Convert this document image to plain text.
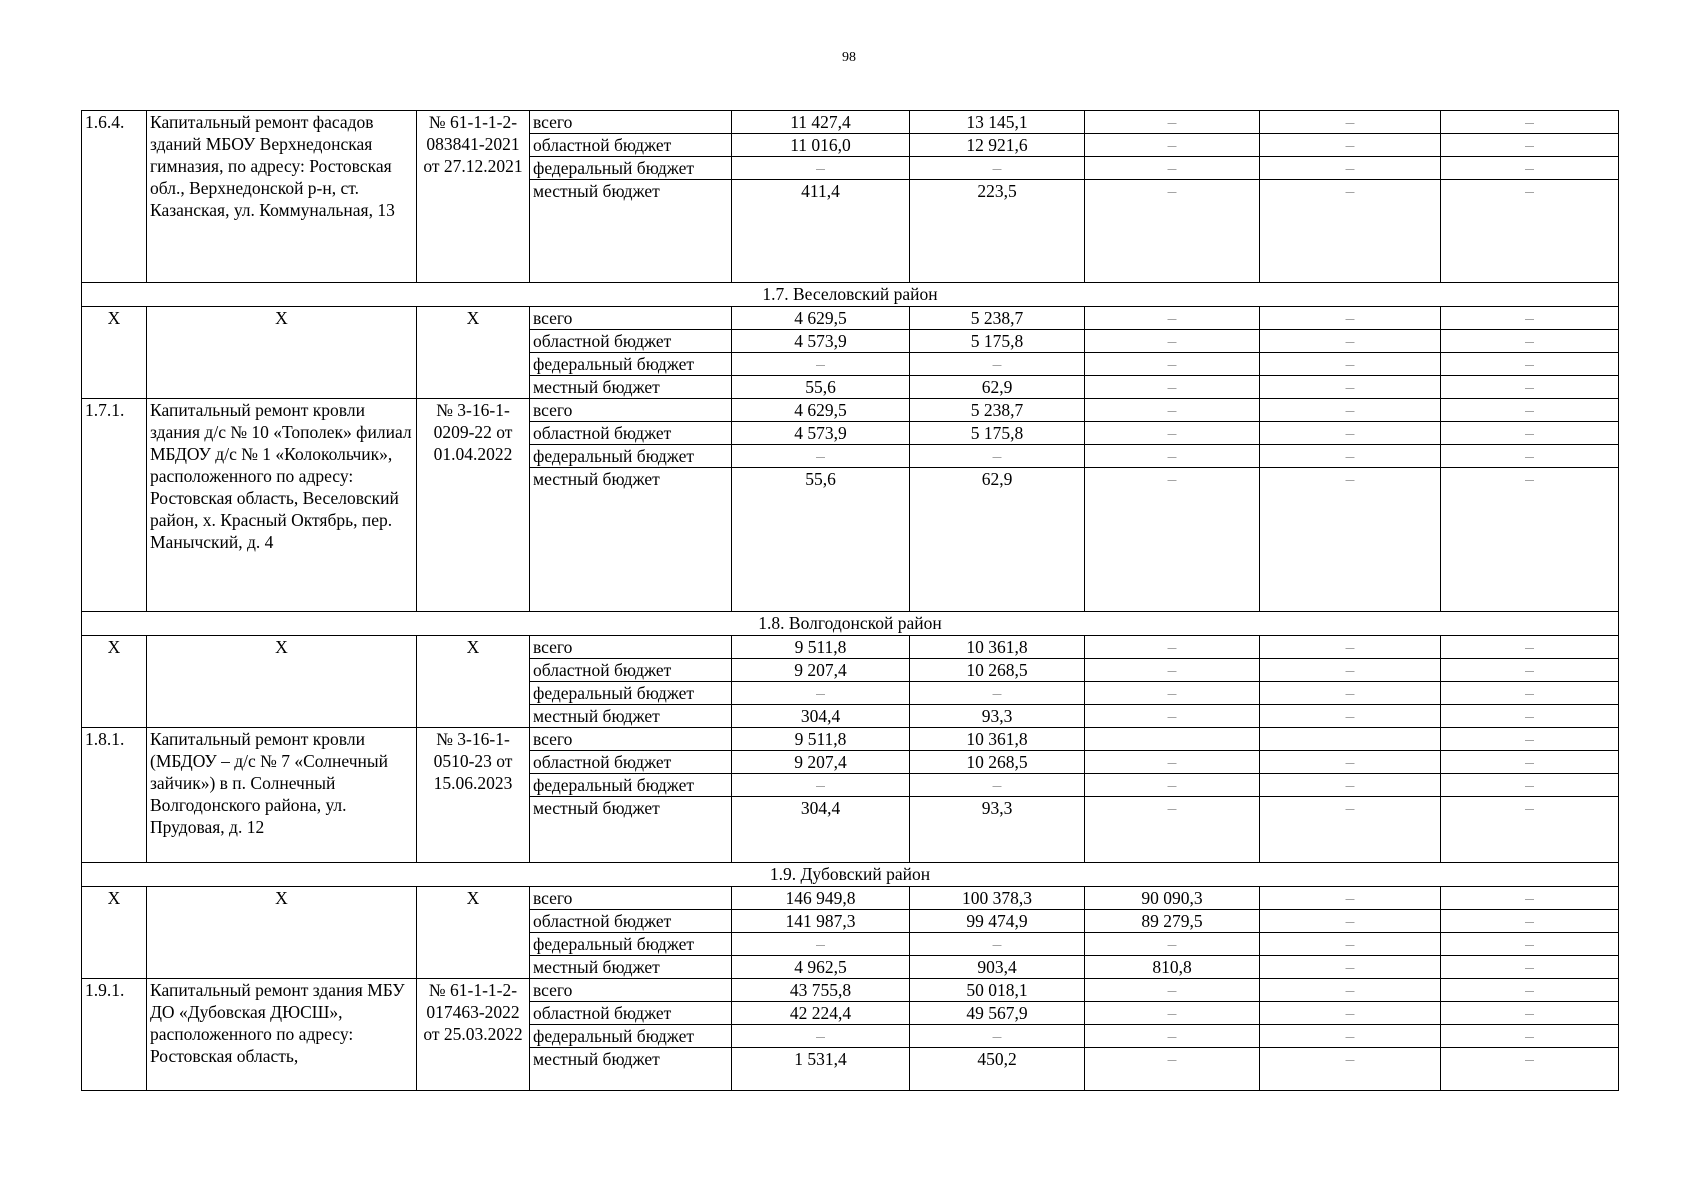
98
1.6.4.	Капитальный ремонт фасадов зданий МБОУ Верхнедонская гимназия, по адресу: Ростовская обл., Верхнедонской р-н, ст. Казанская, ул. Коммунальная, 13	№ 61-1-1-2-083841-2021 от 27.12.2021	всего	11 427,4	13 145,1	–	–	–
			областной бюджет	11 016,0	12 921,6	–	–	–
			федеральный бюджет	–	–	–	–	–
			местный бюджет	411,4	223,5	–	–	–
1.7. Веселовский район								
X	X	X	всего	4 629,5	5 238,7	–	–	–
			областной бюджет	4 573,9	5 175,8	–	–	–
			федеральный бюджет	–	–	–	–	–
			местный бюджет	55,6	62,9	–	–	–
1.7.1.	Капитальный ремонт кровли здания д/с № 10 «Тополек» филиал МБДОУ д/с № 1 «Колокольчик», расположенного по адресу: Ростовская область, Веселовский район, х. Красный Октябрь, пер. Манычский, д. 4	№ 3-16-1-0209-22 от 01.04.2022	всего	4 629,5	5 238,7	–	–	–
			областной бюджет	4 573,9	5 175,8	–	–	–
			федеральный бюджет	–	–	–	–	–
			местный бюджет	55,6	62,9	–	–	–
1.8. Волгодонской район								
X	X	X	всего	9 511,8	10 361,8	–	–	–
			областной бюджет	9 207,4	10 268,5	–	–	–
			федеральный бюджет	–	–	–	–	–
			местный бюджет	304,4	93,3	–	–	–
1.8.1.	Капитальный ремонт кровли (МБДОУ – д/с № 7 «Солнечный зайчик») в п. Солнечный Волгодонского района, ул. Прудовая, д. 12	№ 3-16-1-0510-23 от 15.06.2023	всего	9 511,8	10 361,8			–
			областной бюджет	9 207,4	10 268,5	–	–	–
			федеральный бюджет	–	–	–	–	–
			местный бюджет	304,4	93,3	–	–	–
1.9. Дубовский район								
X	X	X	всего	146 949,8	100 378,3	90 090,3	–	–
			областной бюджет	141 987,3	99 474,9	89 279,5	–	–
			федеральный бюджет	–	–	–	–	–
			местный бюджет	4 962,5	903,4	810,8	–	–
1.9.1.	Капитальный ремонт здания МБУ ДО «Дубовская ДЮСШ», расположенного по адресу: Ростовская область,	№ 61-1-1-2-017463-2022 от 25.03.2022	всего	43 755,8	50 018,1	–	–	–
			областной бюджет	42 224,4	49 567,9	–	–	–
			федеральный бюджет	–	–	–	–	–
			местный бюджет	1 531,4	450,2	–	–	–
